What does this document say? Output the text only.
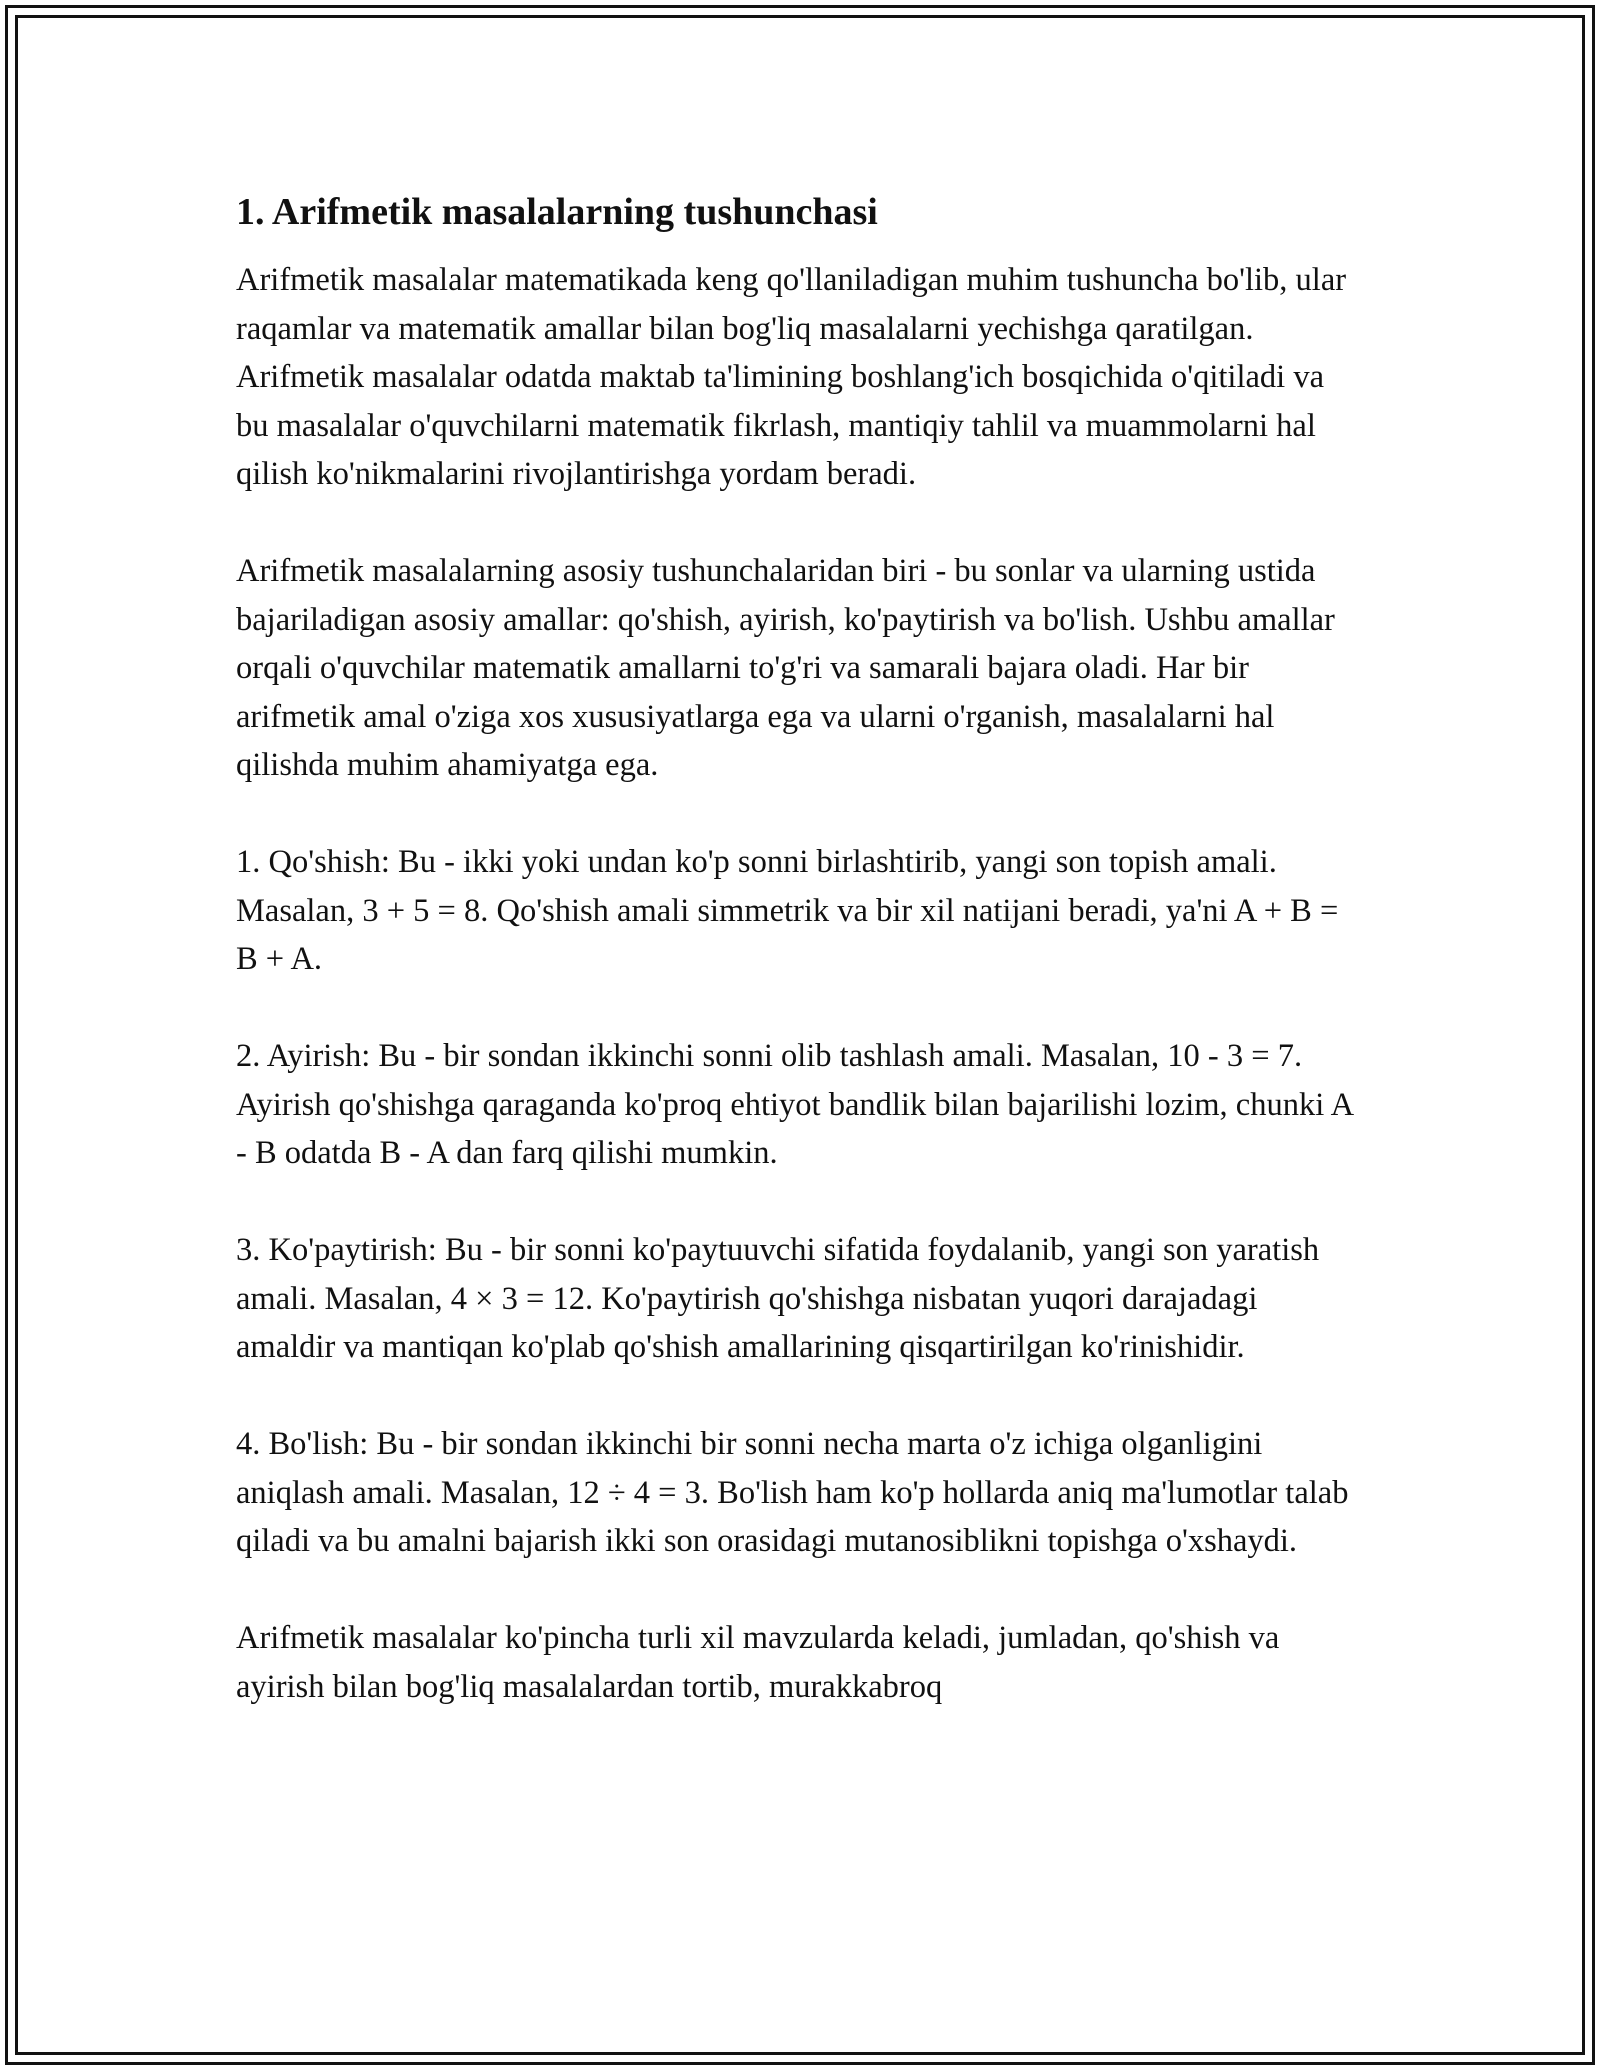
1. Arifmetik masalalarning tushunchasi

Arifmetik masalalar matematikada keng qo'llaniladigan muhim tushuncha bo'lib, ular raqamlar va matematik amallar bilan bog'liq masalalarni yechishga qaratilgan. Arifmetik masalalar odatda maktab ta'limining boshlang'ich bosqichida o'qitiladi va bu masalalar o'quvchilarni matematik fikrlash, mantiqiy tahlil va muammolarni hal qilish ko'nikmalarini rivojlantirishga yordam beradi.

Arifmetik masalalarning asosiy tushunchalaridan biri - bu sonlar va ularning ustida bajariladigan asosiy amallar: qo'shish, ayirish, ko'paytirish va bo'lish. Ushbu amallar orqali o'quvchilar matematik amallarni to'g'ri va samarali bajara oladi. Har bir arifmetik amal o'ziga xos xususiyatlarga ega va ularni o'rganish, masalalarni hal qilishda muhim ahamiyatga ega.

1. Qo'shish: Bu - ikki yoki undan ko'p sonni birlashtirib, yangi son topish amali. Masalan, 3 + 5 = 8. Qo'shish amali simmetrik va bir xil natijani beradi, ya'ni A + B = B + A.

2. Ayirish: Bu - bir sondan ikkinchi sonni olib tashlash amali. Masalan, 10 - 3 = 7. Ayirish qo'shishga qaraganda ko'proq ehtiyot bandlik bilan bajarilishi lozim, chunki A - B odatda B - A dan farq qilishi mumkin.

3. Ko'paytirish: Bu - bir sonni ko'paytuuvchi sifatida foydalanib, yangi son yaratish amali. Masalan, 4 × 3 = 12. Ko'paytirish qo'shishga nisbatan yuqori darajadagi amaldir va mantiqan ko'plab qo'shish amallarining qisqartirilgan ko'rinishidir.

4. Bo'lish: Bu - bir sondan ikkinchi bir sonni necha marta o'z ichiga olganligini aniqlash amali. Masalan, 12 ÷ 4 = 3. Bo'lish ham ko'p hollarda aniq ma'lumotlar talab qiladi va bu amalni bajarish ikki son orasidagi mutanosiblikni topishga o'xshaydi.

Arifmetik masalalar ko'pincha turli xil mavzularda keladi, jumladan, qo'shish va ayirish bilan bog'liq masalalardan tortib, murakkabroq
